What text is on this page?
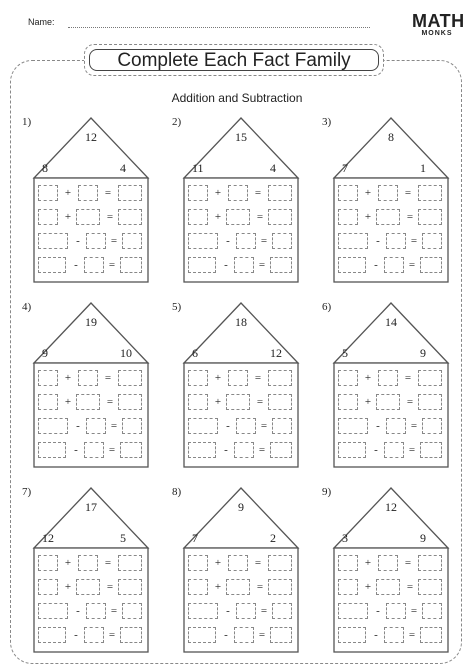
Name:	MATH
MONKS
Complete Each Fact Family
Addition and Subtraction
1)
12
8	4
+	=
+	=
-	=
-	=
2)
15
11	4
+	=
+	=
-	=
-	=
3)
8
7	1
+	=
+	=
-	=
-	=
4)
19
9	10
+	=
+	=
-	=
-	=
5)
18
6	12
+	=
+	=
-	=
-	=
6)
14
5	9
+	=
+	=
-	=
-	=
7)
17
12	5
+	=
+	=
-	=
-	=
8)
9
7	2
+	=
+	=
-	=
-	=
9)
12
3	9
+	=
+	=
-	=
-	=
